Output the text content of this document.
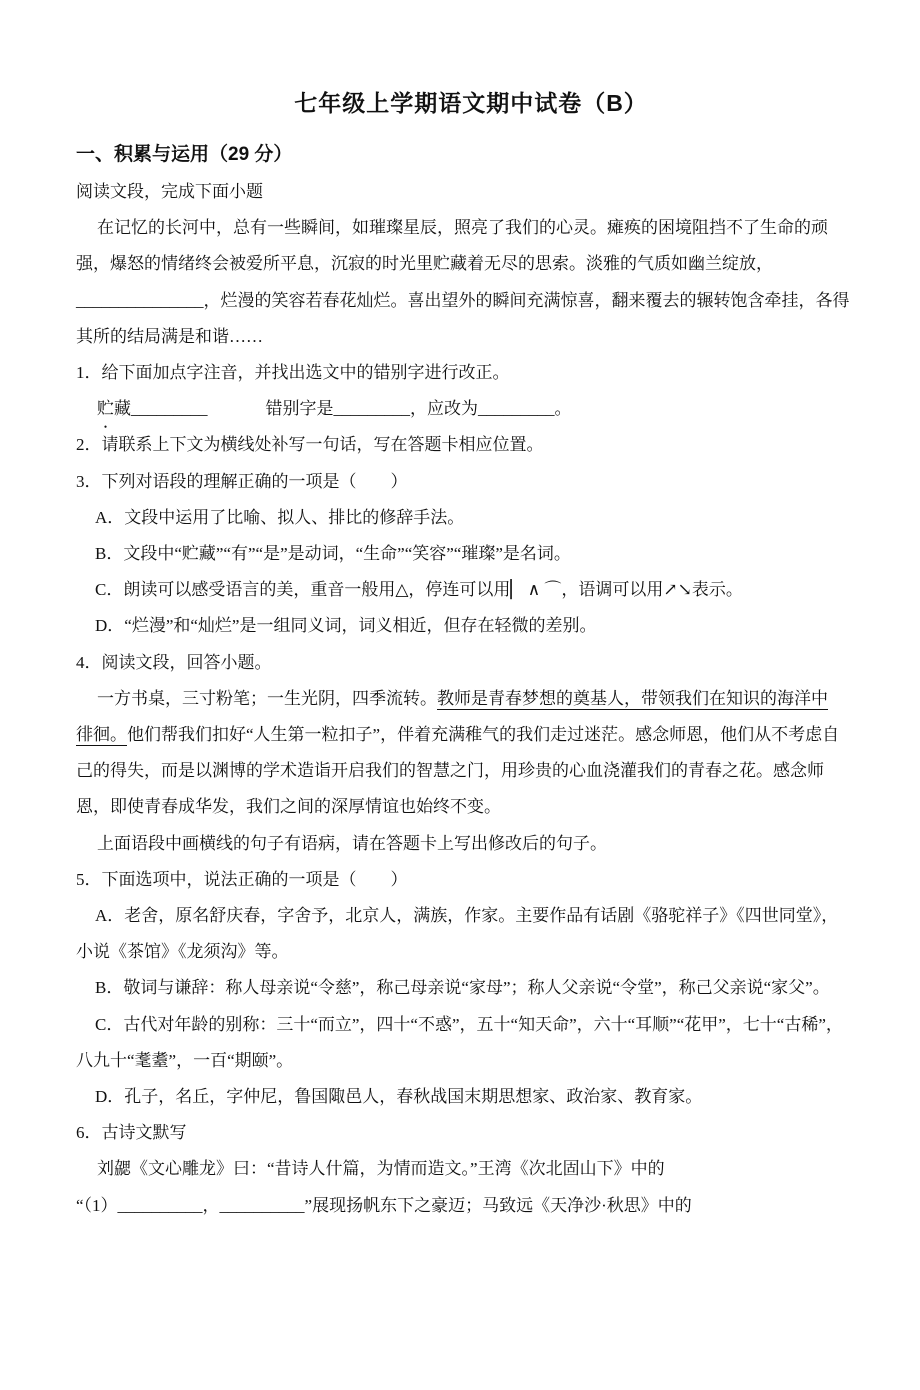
七年级上学期语文期中试卷（B）
一、积累与运用（29 分）
阅读文段，完成下面小题
在记忆的长河中，总有一些瞬间，如璀璨星辰，照亮了我们的心灵。瘫痪的困境阻挡不了生命的顽
强，爆怒的情绪终会被爱所平息，沉寂的时光里贮藏着无尽的思索。淡雅的气质如幽兰绽放，
_______________，烂漫的笑容若春花灿烂。喜出望外的瞬间充满惊喜，翻来覆去的辗转饱含牵挂，各得
其所的结局满是和谐……
1．给下面加点字注音，并找出选文中的错别字进行改正。
贮藏_________	错别字是_________，应改为_________。
2．请联系上下文为横线处补写一句话，写在答题卡相应位置。
3．下列对语段的理解正确的一项是（　　）
A．文段中运用了比喻、拟人、排比的修辞手法。
B．文段中“贮藏”“有”“是”是动词，“生命”“笑容”“璀璨”是名词。
C．朗读可以感受语言的美，重音一般用△，停连可以用▏ ∧ ⌒，语调可以用↗↘表示。
D．“烂漫”和“灿烂”是一组同义词，词义相近，但存在轻微的差别。
4．阅读文段，回答小题。
一方书桌，三寸粉笔；一生光阴，四季流转。教师是青春梦想的奠基人，带领我们在知识的海洋中
徘徊。他们帮我们扣好“人生第一粒扣子”，伴着充满稚气的我们走过迷茫。感念师恩，他们从不考虑自
己的得失，而是以渊博的学术造诣开启我们的智慧之门，用珍贵的心血浇灌我们的青春之花。感念师
恩，即使青春成华发，我们之间的深厚情谊也始终不变。
上面语段中画横线的句子有语病，请在答题卡上写出修改后的句子。
5．下面选项中，说法正确的一项是（　　）
A．老舍，原名舒庆春，字舍予，北京人，满族，作家。主要作品有话剧《骆驼祥子》《四世同堂》，
小说《茶馆》《龙须沟》等。
B．敬词与谦辞：称人母亲说“令慈”，称己母亲说“家母”；称人父亲说“令堂”，称己父亲说“家父”。
C．古代对年龄的别称：三十“而立”，四十“不惑”，五十“知天命”，六十“耳顺”“花甲”，七十“古稀”，
八九十“耄耋”，一百“期颐”。
D．孔子，名丘，字仲尼，鲁国陬邑人，春秋战国末期思想家、政治家、教育家。
6．古诗文默写
刘勰《文心雕龙》曰：“昔诗人什篇，为情而造文。”王湾《次北固山下》中的
“（1）__________，__________”展现扬帆东下之豪迈；马致远《天净沙·秋思》中的
